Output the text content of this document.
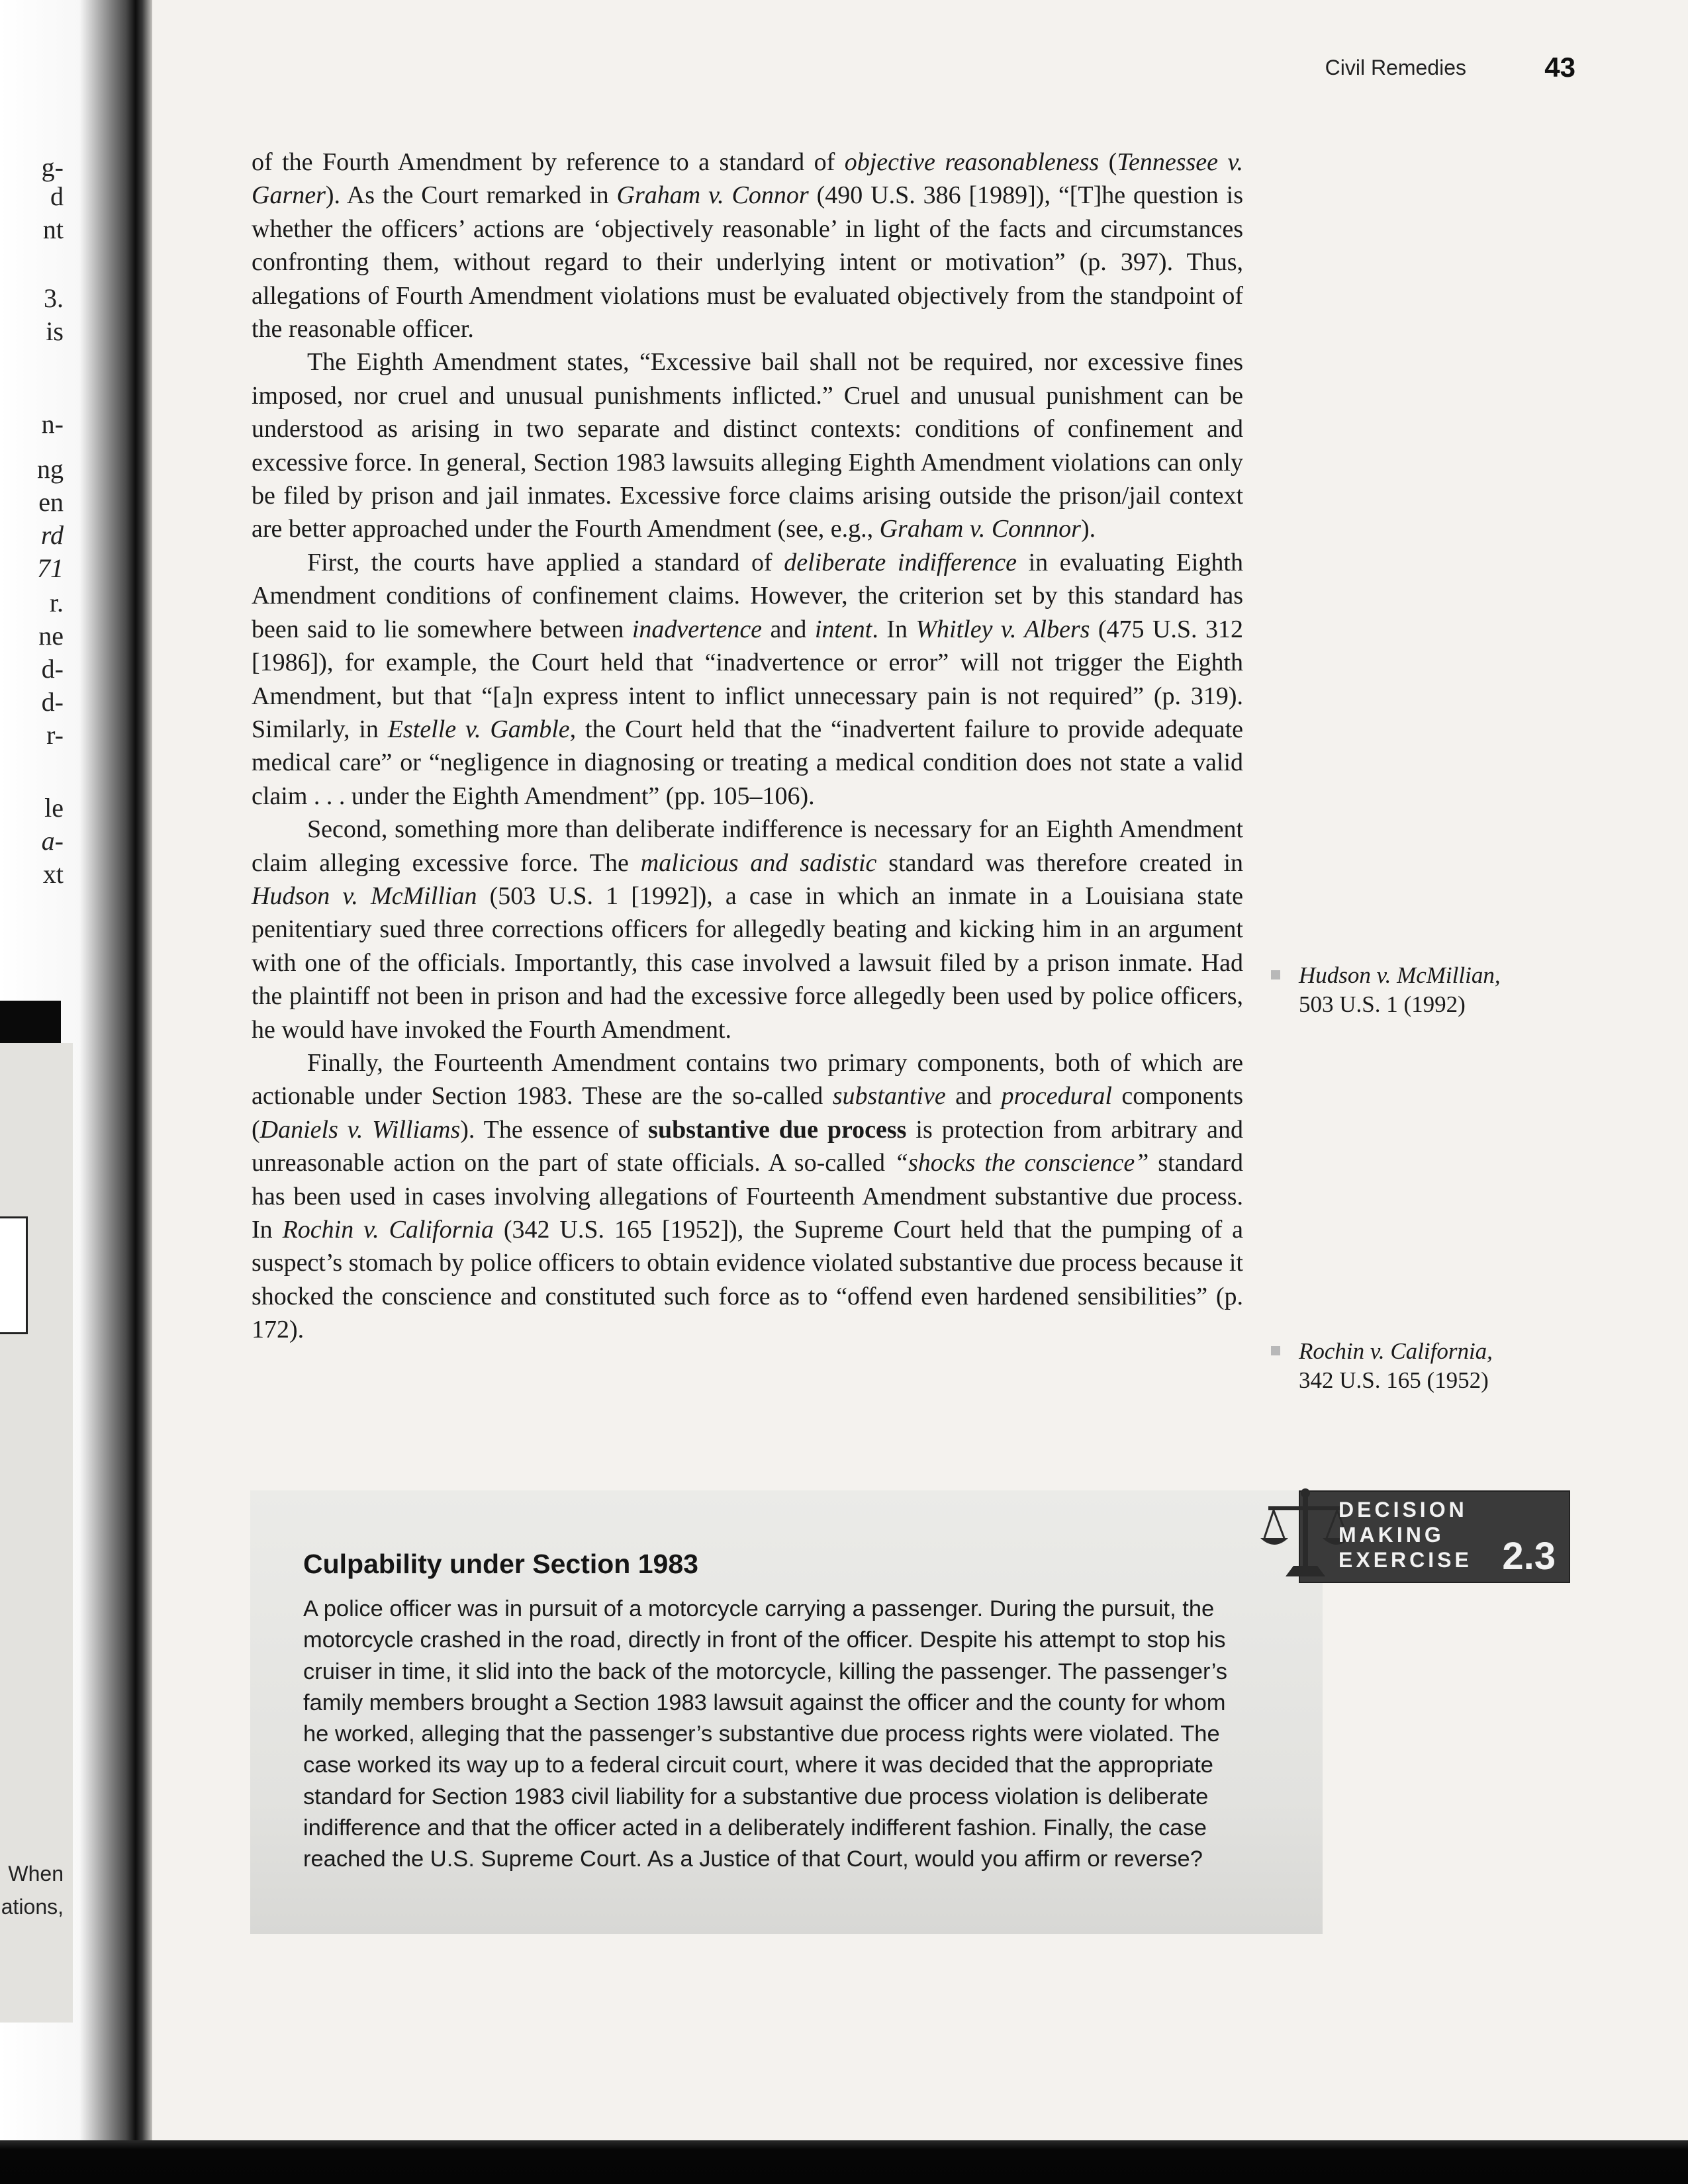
g-
d
nt
3.
is
n-
ng
en
rd
71
r.
ne
d-
d-
r-
le
a-
xt
When
ations,
Civil Remedies	43

of the Fourth Amendment by reference to a standard of objective reasonableness (Tennessee v. Garner). As the Court remarked in Graham v. Connor (490 U.S. 386 [1989]), “[T]he question is whether the officers’ actions are ‘objectively reasonable’ in light of the facts and circumstances confronting them, without regard to their underlying intent or motivation” (p. 397). Thus, allegations of Fourth Amendment violations must be evaluated objectively from the standpoint of the reasonable officer.

The Eighth Amendment states, “Excessive bail shall not be required, nor excessive fines imposed, nor cruel and unusual punishments inflicted.” Cruel and unusual punishment can be understood as arising in two separate and distinct contexts: conditions of confinement and excessive force. In general, Section 1983 lawsuits alleging Eighth Amendment violations can only be filed by prison and jail inmates. Excessive force claims arising outside the prison/jail context are better approached under the Fourth Amendment (see, e.g., Graham v. Connnor).

First, the courts have applied a standard of deliberate indifference in evaluating Eighth Amendment conditions of confinement claims. However, the criterion set by this standard has been said to lie somewhere between inadvertence and intent. In Whitley v. Albers (475 U.S. 312 [1986]), for example, the Court held that “inadvertence or error” will not trigger the Eighth Amendment, but that “[a]n express intent to inflict unnecessary pain is not required” (p. 319). Similarly, in Estelle v. Gamble, the Court held that the “inadvertent failure to provide adequate medical care” or “negligence in diagnosing or treating a medical condition does not state a valid claim . . . under the Eighth Amendment” (pp. 105–106).

Second, something more than deliberate indifference is necessary for an Eighth Amendment claim alleging excessive force. The malicious and sadistic standard was therefore created in Hudson v. McMillian (503 U.S. 1 [1992]), a case in which an inmate in a Louisiana state penitentiary sued three corrections officers for allegedly beating and kicking him in an argument with one of the officials. Importantly, this case involved a lawsuit filed by a prison inmate. Had the plaintiff not been in prison and had the excessive force allegedly been used by police officers, he would have invoked the Fourth Amendment.

Finally, the Fourteenth Amendment contains two primary components, both of which are actionable under Section 1983. These are the so-called substantive and procedural components (Daniels v. Williams). The essence of substantive due process is protection from arbitrary and unreasonable action on the part of state officials. A so-called “shocks the conscience” standard has been used in cases involving allegations of Fourteenth Amendment substantive due process. In Rochin v. California (342 U.S. 165 [1952]), the Supreme Court held that the pumping of a suspect’s stomach by police officers to obtain evidence violated substantive due process because it shocked the conscience and constituted such force as to “offend even hardened sensibilities” (p. 172).

Hudson v. McMillian,
503 U.S. 1 (1992)
Rochin v. California,
342 U.S. 165 (1952)
DECISION
MAKING
EXERCISE 2.3
Culpability under Section 1983
A police officer was in pursuit of a motorcycle carrying a passenger. During the pursuit, the motorcycle crashed in the road, directly in front of the officer. Despite his attempt to stop his cruiser in time, it slid into the back of the motorcycle, killing the passenger. The passenger’s family members brought a Section 1983 lawsuit against the officer and the county for whom he worked, alleging that the passenger’s substantive due process rights were violated. The case worked its way up to a federal circuit court, where it was decided that the appropriate standard for Section 1983 civil liability for a substantive due process violation is deliberate indifference and that the officer acted in a deliberately indifferent fashion. Finally, the case reached the U.S. Supreme Court. As a Justice of that Court, would you affirm or reverse?
